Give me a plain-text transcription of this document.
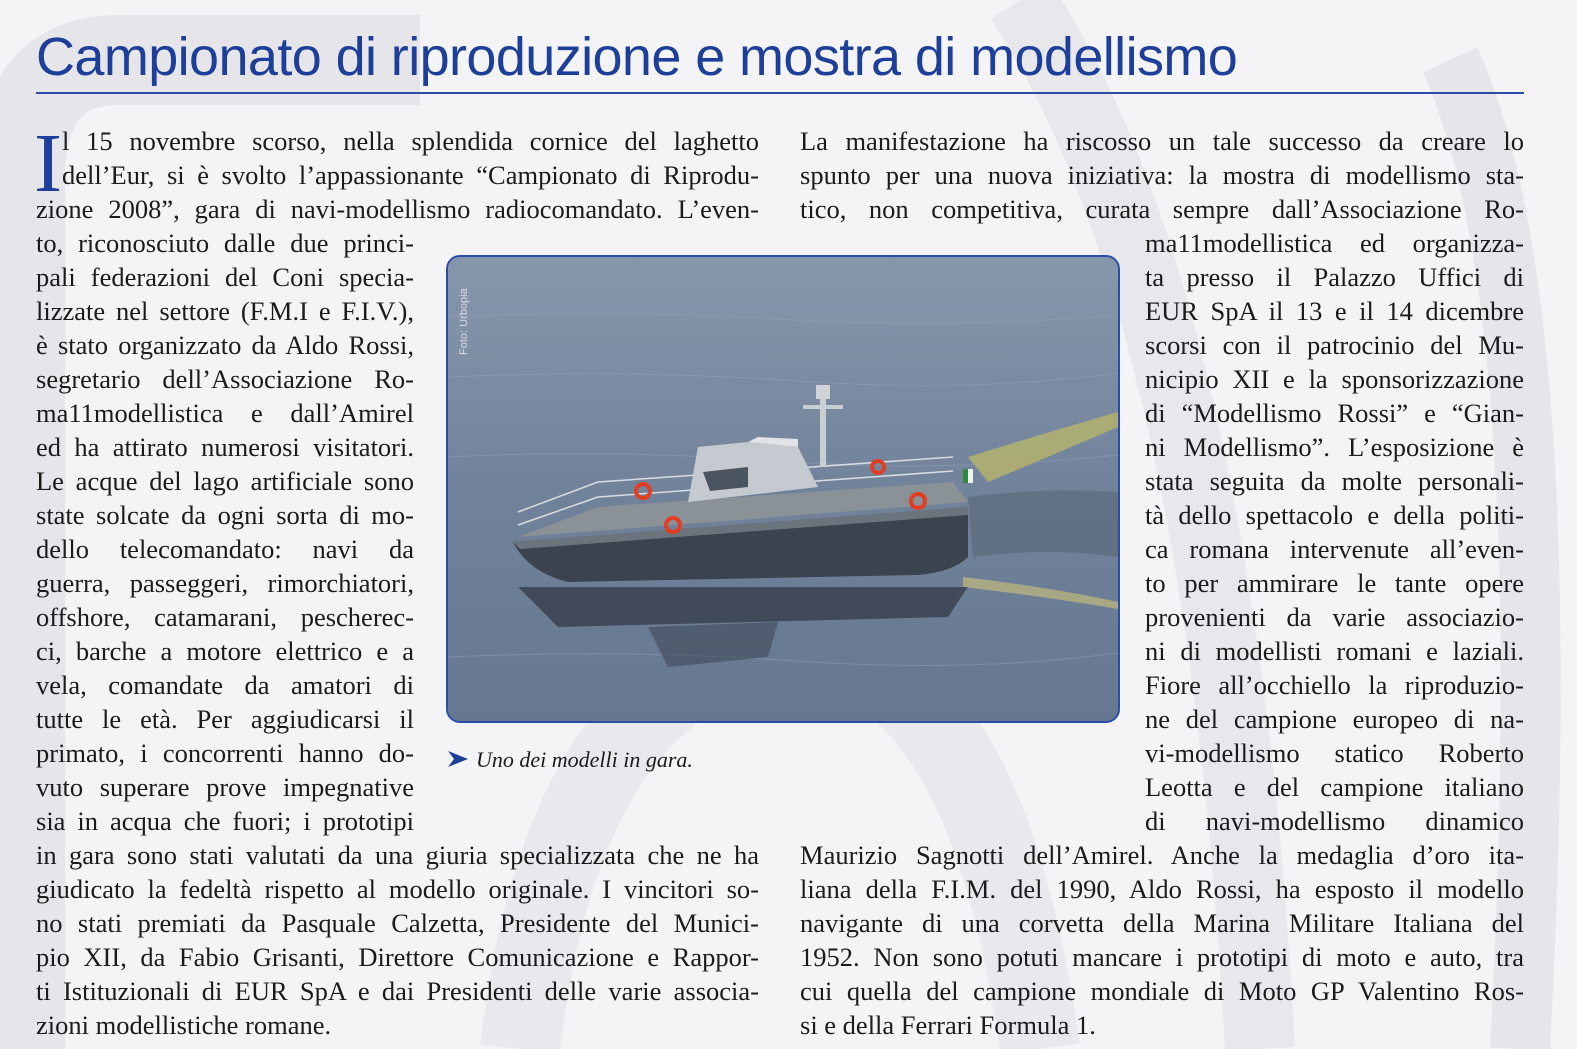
Campionato di riproduzione e mostra di modellismo
I l 15 novembre scorso, nella splendida cornice del laghetto
dell’Eur, si è svolto l’appassionante “Campionato di Riprodu-
zione 2008”, gara di navi-modellismo radiocomandato. L’even-
to, riconosciuto dalle due princi-
pali federazioni del Coni specia-
lizzate nel settore (F.M.I e F.I.V.),
è stato organizzato da Aldo Rossi,
segretario dell’Associazione Ro-
ma11modellistica e dall’Amirel
ed ha attirato numerosi visitatori.
Le acque del lago artificiale sono
state solcate da ogni sorta di mo-
dello telecomandato: navi da
guerra, passeggeri, rimorchiatori,
offshore, catamarani, pescherec-
ci, barche a motore elettrico e a
vela, comandate da amatori di
tutte le età. Per aggiudicarsi il
primato, i concorrenti hanno do-
vuto superare prove impegnative
sia in acqua che fuori; i prototipi
in gara sono stati valutati da una giuria specializzata che ne ha
giudicato la fedeltà rispetto al modello originale. I vincitori so-
no stati premiati da Pasquale Calzetta, Presidente del Munici-
pio XII, da Fabio Grisanti, Direttore Comunicazione e Rappor-
ti Istituzionali di EUR SpA e dai Presidenti delle varie associa-
zioni modellistiche romane.
La manifestazione ha riscosso un tale successo da creare lo
spunto per una nuova iniziativa: la mostra di modellismo sta-
tico, non competitiva, curata sempre dall’Associazione Ro-
ma11modellistica ed organizza-
ta presso il Palazzo Uffici di
EUR SpA il 13 e il 14 dicembre
scorsi con il patrocinio del Mu-
nicipio XII e la sponsorizzazione
di “Modellismo Rossi” e “Gian-
ni Modellismo”. L’esposizione è
stata seguita da molte personali-
tà dello spettacolo e della politi-
ca romana intervenute all’even-
to per ammirare le tante opere
provenienti da varie associazio-
ni di modellisti romani e laziali.
Fiore all’occhiello la riproduzio-
ne del campione europeo di na-
vi-modellismo statico Roberto
Leotta e del campione italiano
di navi-modellismo dinamico
Maurizio Sagnotti dell’Amirel. Anche la medaglia d’oro ita-
liana della F.I.M. del 1990, Aldo Rossi, ha esposto il modello
navigante di una corvetta della Marina Militare Italiana del
1952. Non sono potuti mancare i prototipi di moto e auto, tra
cui quella del campione mondiale di Moto GP Valentino Ros-
si e della Ferrari Formula 1.
Foto: Urbopia
Uno dei modelli in gara.
